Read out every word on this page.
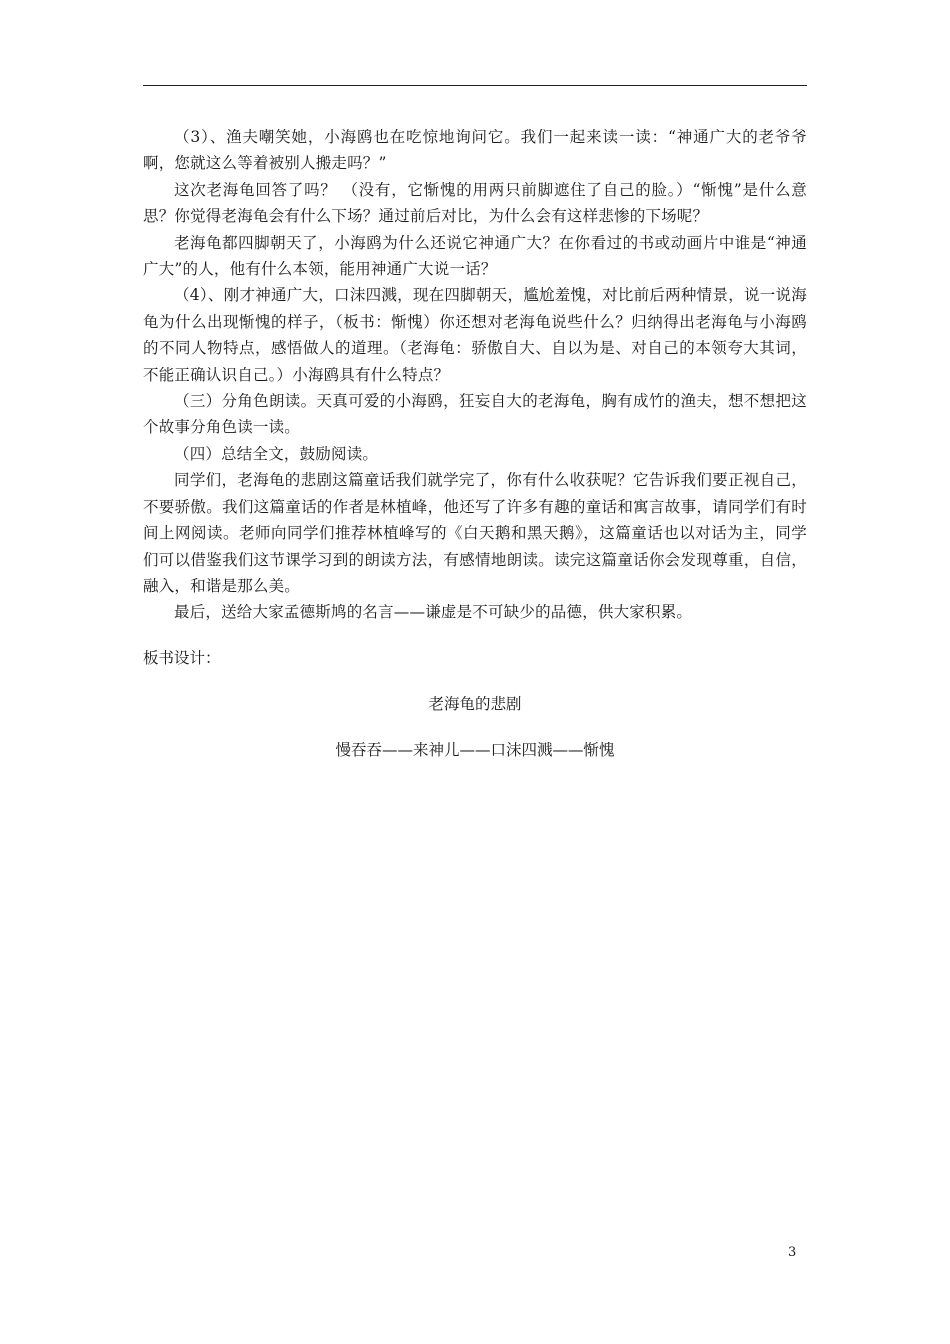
（3）、渔夫嘲笑她，小海鸥也在吃惊地询问它。我们一起来读一读：“神通广大的老爷爷啊，您就这么等着被别人搬走吗？”

这次老海龟回答了吗？ （没有，它惭愧的用两只前脚遮住了自己的脸。）“惭愧”是什么意思？你觉得老海龟会有什么下场？通过前后对比，为什么会有这样悲惨的下场呢？

老海龟都四脚朝天了，小海鸥为什么还说它神通广大？在你看过的书或动画片中谁是“神通广大”的人，他有什么本领，能用神通广大说一话？

（4）、刚才神通广大，口沫四溅，现在四脚朝天，尴尬羞愧，对比前后两种情景，说一说海龟为什么出现惭愧的样子，（板书：惭愧）你还想对老海龟说些什么？归纳得出老海龟与小海鸥的不同人物特点，感悟做人的道理。（老海龟：骄傲自大、自以为是、对自己的本领夸大其词，不能正确认识自己。）小海鸥具有什么特点？

（三）分角色朗读。天真可爱的小海鸥，狂妄自大的老海龟，胸有成竹的渔夫，想不想把这个故事分角色读一读。

（四）总结全文，鼓励阅读。

同学们，老海龟的悲剧这篇童话我们就学完了，你有什么收获呢？它告诉我们要正视自己，不要骄傲。我们这篇童话的作者是林植峰，他还写了许多有趣的童话和寓言故事，请同学们有时间上网阅读。老师向同学们推荐林植峰写的《白天鹅和黑天鹅》，这篇童话也以对话为主，同学们可以借鉴我们这节课学习到的朗读方法，有感情地朗读。读完这篇童话你会发现尊重，自信，融入，和谐是那么美。

最后，送给大家孟德斯鸠的名言——谦虚是不可缺少的品德，供大家积累。

板书设计：

老海龟的悲剧

慢吞吞——来神儿——口沫四溅——惭愧

3
